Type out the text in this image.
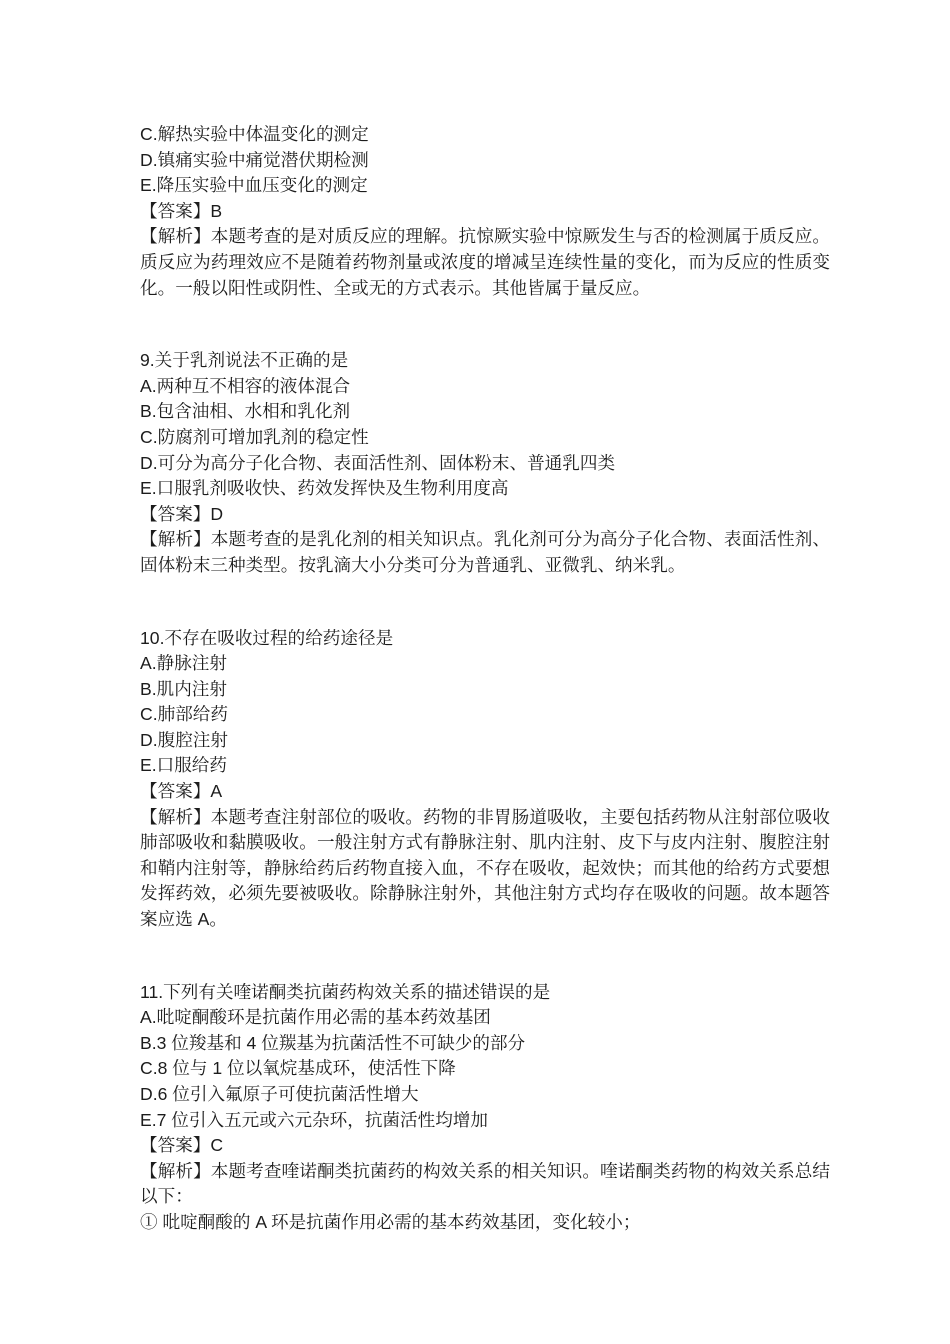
C.解热实验中体温变化的测定

D.镇痛实验中痛觉潜伏期检测

E.降压实验中血压变化的测定

【答案】B

【解析】本题考查的是对质反应的理解。抗惊厥实验中惊厥发生与否的检测属于质反应。质反应为药理效应不是随着药物剂量或浓度的增减呈连续性量的变化，而为反应的性质变化。一般以阳性或阴性、全或无的方式表示。其他皆属于量反应。

9.关于乳剂说法不正确的是

A.两种互不相容的液体混合

B.包含油相、水相和乳化剂

C.防腐剂可增加乳剂的稳定性

D.可分为高分子化合物、表面活性剂、固体粉末、普通乳四类

E.口服乳剂吸收快、药效发挥快及生物利用度高

【答案】D

【解析】本题考查的是乳化剂的相关知识点。乳化剂可分为高分子化合物、表面活性剂、固体粉末三种类型。按乳滴大小分类可分为普通乳、亚微乳、纳米乳。

10.不存在吸收过程的给药途径是

A.静脉注射

B.肌内注射

C.肺部给药

D.腹腔注射

E.口服给药

【答案】A

【解析】本题考查注射部位的吸收。药物的非胃肠道吸收，主要包括药物从注射部位吸收肺部吸收和黏膜吸收。一般注射方式有静脉注射、肌内注射、皮下与皮内注射、腹腔注射和鞘内注射等，静脉给药后药物直接入血，不存在吸收，起效快；而其他的给药方式要想发挥药效，必须先要被吸收。除静脉注射外，其他注射方式均存在吸收的问题。故本题答案应选 A。

11.下列有关喹诺酮类抗菌药构效关系的描述错误的是

A.吡啶酮酸环是抗菌作用必需的基本药效基团

B.3 位羧基和 4 位羰基为抗菌活性不可缺少的部分

C.8 位与 1 位以氧烷基成环，使活性下降

D.6 位引入氟原子可使抗菌活性增大

E.7 位引入五元或六元杂环，抗菌活性均增加

【答案】C

【解析】本题考查喹诺酮类抗菌药的构效关系的相关知识。喹诺酮类药物的构效关系总结以下：

① 吡啶酮酸的 A 环是抗菌作用必需的基本药效基团，变化较小；
